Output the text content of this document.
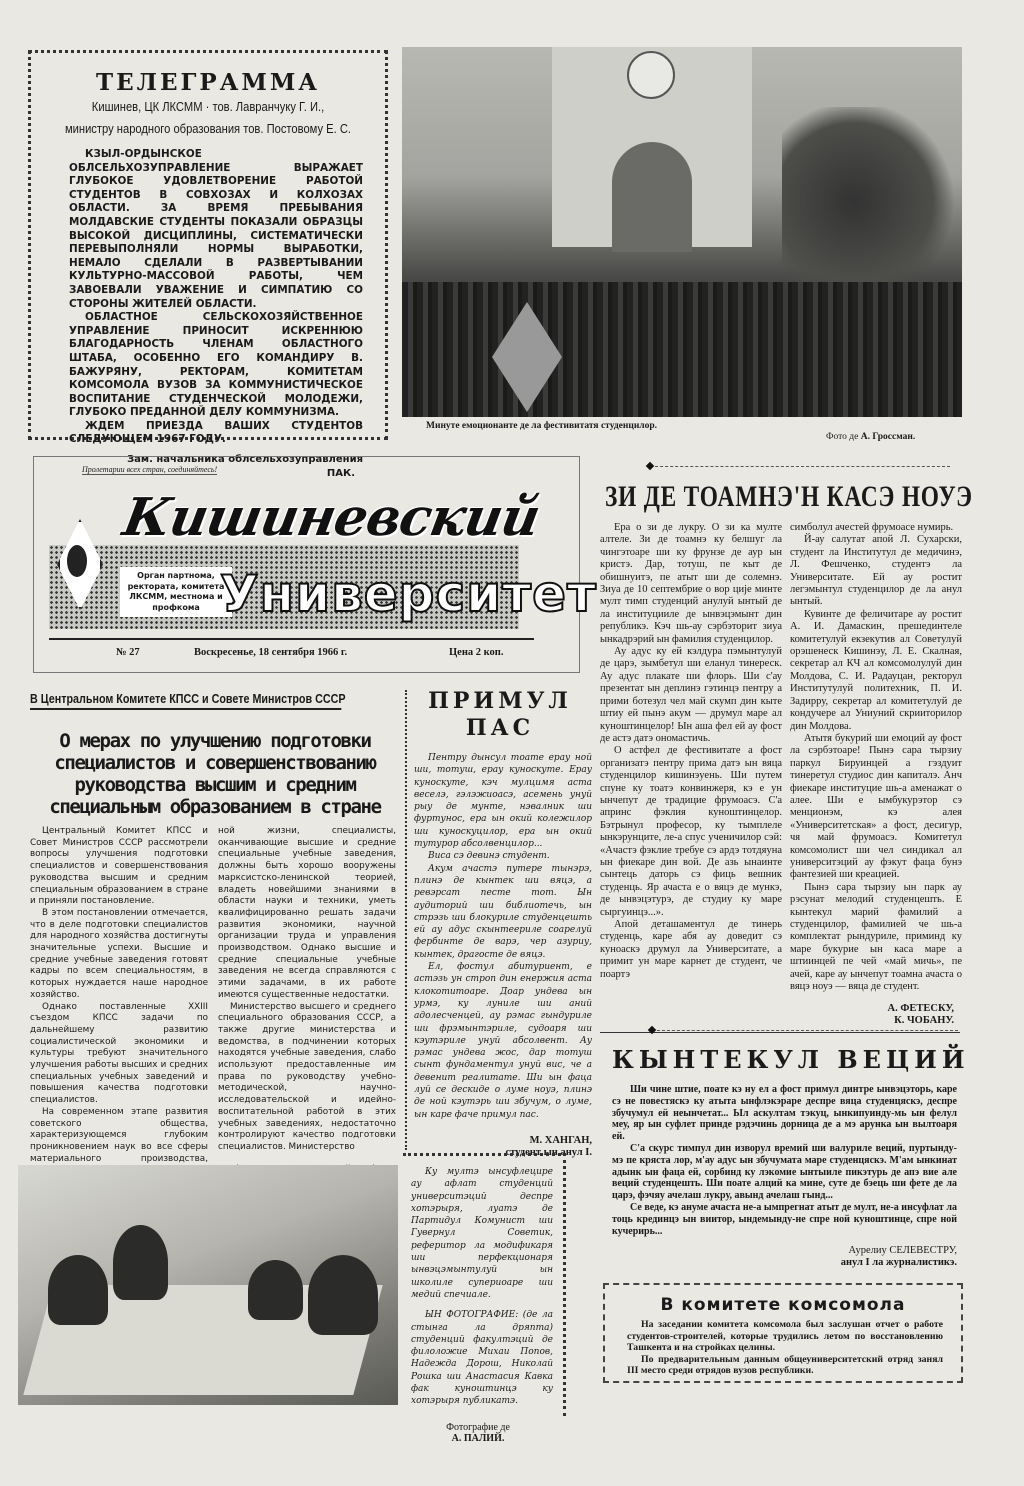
ТЕЛЕГРАММА
Кишинев, ЦК ЛКСММ · тов. Лавранчуку Г. И.,
министру народного образования тов. Постовому Е. С.

КЗЫЛ-ОРДЫНСКОЕ ОБЛСЕЛЬХОЗУПРАВЛЕНИЕ ВЫРАЖАЕТ ГЛУБОКОЕ УДОВЛЕТВОРЕНИЕ РАБОТОЙ СТУДЕНТОВ В СОВХОЗАХ И КОЛХОЗАХ ОБЛАСТИ. ЗА ВРЕМЯ ПРЕБЫВАНИЯ МОЛДАВСКИЕ СТУДЕНТЫ ПОКАЗАЛИ ОБРАЗЦЫ ВЫСОКОЙ ДИСЦИПЛИНЫ, СИСТЕМАТИЧЕСКИ ПЕРЕВЫПОЛНЯЛИ НОРМЫ ВЫРАБОТКИ, НЕМАЛО СДЕЛАЛИ В РАЗВЕРТЫВАНИИ КУЛЬТУРНО-МАССОВОЙ РАБОТЫ, ЧЕМ ЗАВОЕВАЛИ УВАЖЕНИЕ И СИМПАТИЮ СО СТОРОНЫ ЖИТЕЛЕЙ ОБЛАСТИ.

ОБЛАСТНОЕ СЕЛЬСКОХОЗЯЙСТВЕННОЕ УПРАВЛЕНИЕ ПРИНОСИТ ИСКРЕННЮЮ БЛАГОДАРНОСТЬ ЧЛЕНАМ ОБЛАСТНОГО ШТАБА, ОСОБЕННО ЕГО КОМАНДИРУ В. БАЖУРЯНУ, РЕКТОРАМ, КОМИТЕТАМ КОМСОМОЛА ВУЗОВ ЗА КОММУНИСТИЧЕСКОЕ ВОСПИТАНИЕ СТУДЕНЧЕСКОЙ МОЛОДЕЖИ, ГЛУБОКО ПРЕДАННОЙ ДЕЛУ КОММУНИЗМА.

ЖДЕМ ПРИЕЗДА ВАШИХ СТУДЕНТОВ СЛЕДУЮЩЕМ 1967 ГОДУ.

Зам. начальника облсельхозуправления
ПАК.
Минуте емоционанте де ла фестивитатя студенцилор.
Фото де А. Гроссман.
Пролетарии всех стран, соединяйтесь!
Кишиневский
Орган партнома, ректората, комитета ЛКСММ, местнома и профкома Университет
№ 27	Воскресенье, 18 сентября 1966 г.	Цена 2 коп.
ЗИ ДЕ ТОАМНЭ'Н КАСЭ НОУЭ

Ера о зи де лукру. О зи ка мулте алтеле. Зи де тоамнэ ку белшуг ла чингэтоаре ши ку фрунзе де аур ын кристэ. Дар, тотуш, пе кыт де обишнуитэ, пе атыт ши де солемнэ. Зиуа де 10 септембрие о вор ције минте мулт тимп студенций анулуй ынтый де ла институцииле де ынвэцэмынт дин републикэ. Кэч шь-ау сэрбэторит зиуа ынкадрэрий ын фамилия студенцилор.

Ау адус ку ей кэлдура пэмынтулуй де царэ, зымбетул ши еланул тинереск. Ау адус плакате ши флорь. Ши с'ау презентат ын деплинэ гэтинцэ пентру а прими ботезул чел май скумп дин кыте штиу ей пынэ акум — друмул маре ал куноштинцелор! Ын аша фел ей ау фост де астэ датэ ономастичь.

О астфел де фестивитате а фост организатэ пентру прима датэ ын вяца студенцилор кишинэуень. Ши путем спуне ку тоатэ конвинжеря, кэ е ун ынчепут де традицие фрумоасэ. С'а апринс фэклия куноштинцелор. Бэтрынул професор, ку тымплеле ынкэрунците, ле-а спус ученичилор сэй: «Ачастэ фэклие требуе сэ ардэ тотдяуна ын фиекаре дин вой. Де азь ынаинте сынтець даторь сэ фиць вешник студенць. Яр ачаста е о вяцэ де мункэ, де ынвэцэтурэ, де студиу ку маре сыргуинцэ...».

Апой деташаментул де тинерь студенць, каре абя ау доведит сэ куноаскэ друмул ла Университате, а примит ун маре карнет де студент, че поартэ

симболул ачестей фрумоасе нумирь.

Й-ау салутат апой Л. Сухарски, студент ла Институтул де медичинэ, Л. Фешченко, студентэ ла Университате. Ей ау ростит легэмынтул студенцилор де ла анул ынтый.

Кувинте де феличитаре ау ростит А. И. Дамаскин, прешединтеле комитетулуй екзекутив ал Советулуй орэшенеск Кишинэу, Л. Е. Скалная, секретар ал КЧ ал комсомолулуй дин Молдова, С. И. Радауцан, ректорул Институтулуй политехник, П. И. Задирру, секретар ал комитетулуй де кондучере ал Униуний скрииторилор дин Молдова.

Атытя букурий ши емоций ау фост ла сэрбэтоаре! Пынэ сара тырзиу паркул Бируинцей а гэздуит тинеретул студиос дин капиталэ. Анч фиекаре институцие шь-а аменажат о алее. Ши е ымбукурэтор сэ менционэм, кэ алея «Университетская» а фост, десигур, чя май фрумоасэ. Комитетул комсомолист ши чел синдикал ал университэций ау фэкут фаца бунэ фантезией ши креацией.

Пынэ сара тырзиу ын парк ау рэсунат мелодий студенцешть. Е кынтекул марий фамилий а студенцилор, фамилией че шь-а комплектат рындуриле, приминд ку маре букурие ын каса маре а штиинцей пе чей «май мичь», пе ачей, каре ау ынчепут тоамна ачаста о вяцэ ноуэ — вяца де студент.

А. ФЕТЕСКУ,
К. ЧОБАНУ.
В Центральном Комитете КПСС и Совете Министров СССР
О мерах по улучшению подготовки специалистов и совершенствованию руководства высшим и средним специальным образованием в стране

Центральный Комитет КПСС и Совет Министров СССР рассмотрели вопросы улучшения подготовки специалистов и совершенствования руководства высшим и средним специальным образованием в стране и приняли постановление.

В этом постановлении отмечается, что в деле подготовки специалистов для народного хозяйства достигнуты значительные успехи. Высшие и средние учебные заведения готовят кадры по всем специальностям, в которых нуждается наше народное хозяйство.

Однако поставленные XXIII съездом КПСС задачи по дальнейшему развитию социалистической экономики и культуры требуют значительного улучшения работы высших и средних специальных учебных заведений и повышения качества подготовки специалистов.

На современном этапе развития советского общества, характеризующемся глубоким проникновением наук во все сферы материального производства,

ной жизни, специалисты, оканчивающие высшие и средние специальные учебные заведения, должны быть хорошо вооружены марксистско-ленинской теорией, владеть новейшими знаниями в области науки и техники, уметь квалифицированно решать задачи развития экономики, научной организации труда и управления производством. Однако высшие и средние специальные учебные заведения не всегда справляются с этими задачами, в их работе имеются существенные недостатки.

Министерство высшего и среднего специального образования СССР, а также другие министерства и ведомства, в подчинении которых находятся учебные заведения, слабо используют предоставленные им права по руководству учебно-методической, научно-исследовательской и идейно-воспитательной работой в этих учебных заведениях, недостаточно контролируют качество подготовки специалистов. Министерство

ПРИМУЛ
ПАС

Пентру дынсул тоате ерау ной ши, тотуш, ерау куноскуте. Ерау куноскуте, кэч мулцимя аста веселэ, гэлэжиоасэ, асемень унуй рыу де мунте, нэвалник ши фуртунос, ера ын окий колежилор ши куноскуцилор, ера ын окий тутурор абсолвенцилор...

Виса сэ девинэ студент.

Акум ачастэ путере тынэрэ, плинэ де кынтек ши вяцэ, а ревэрсат песте тот. Ын аудиторий ши библиотечь, ын стрэзь ши блокуриле студенцешть ей ау адус скынтеериле соарелуй фербинте де варэ, чер азуриу, кынтек, драгосте де вяцэ.

Ел, фостул абитуриент, е астэзь ун строп дин енержия аста клокотитоаре. Доар ундева ын урмэ, ку луниле ши аний адолесченцей, ау рэмас гындуриле ши фрэмынтэриле, судоаря ши кэутэриле унуй абсолвент. Ау рэмас ундева жос, дар тотуш сынт фундаментул унуй вис, че а девенит реалитате. Ши ын фаца луй се дескиде о луме ноуэ, плинэ де ной кэутэрь ши збучум, о луме, ын каре фаче примул пас.

М. ХАНГАН,
студент ын анул I.

Ку мултэ ынсуфлецире ау афлат студенций университэций деспре хотэрыря, луатэ де Партидул Комунист ши Гувернул Советик, реферитор ла модификаря ши перфекционаря ынвэцэмынтулуй ын школиле супериоаре ши медий спечиале.

ЫН ФОТОГРАФИЕ: (де ла стынга ла дряпта) студенций факултэций де филоложие Михаи Попов, Надежда Дорош, Николай Рошка ши Анастасия Кавка фак куноштинцэ ку хотэрыря публикатэ.

Фотографие де
А. ПАЛИЙ.
КЫНТЕКУЛ ВЕЦИЙ

Ши чине штие, поате кэ ну ел а фост примул динтре ынвэцэторь, каре сэ не повестяскэ ку атыта ынфлэкэраре деспре вяца студенцяскэ, деспре збучумул ей неынчетат... Ыл аскултам тэкуц, ынкипуинду-мь ын фелул меу, яр ын суфлет принде рэдэчинь дорница де а мэ арунка ын вылтоаря ей.

С'а скурс тимпул дин изворул времий ши валуриле веций, пуртынду-мэ пе кряста лор, м'ау адус ын збучумата маре студенцяскэ. М'ам ынкинат адынк ын фаца ей, сорбинд ку лэкомие ынтыиле пикэтурь де апэ вие але веций студенцешть. Ши поате алций ка мине, суте де бэець ши фете де ла царэ, фэчяу ачелаш лукру, авынд ачелаш гынд...

Се веде, кэ ануме ачаста не-а ымпрегнат атыт де мулт, не-а инсуфлат ла тоць крединцэ ын виитор, ындемынду-не спре ной куноштинце, спре ной кучерирь...

Аурелиу СЕЛЕВЕСТРУ,
анул I ла журналистикэ.
В комитете комсомола

На заседании комитета комсомола был заслушан отчет о работе студентов-строителей, которые трудились летом по восстановлению Ташкента и на стройках целины.

По предварительным данным общеуниверситетский отряд занял III место среди отрядов вузов республики.
